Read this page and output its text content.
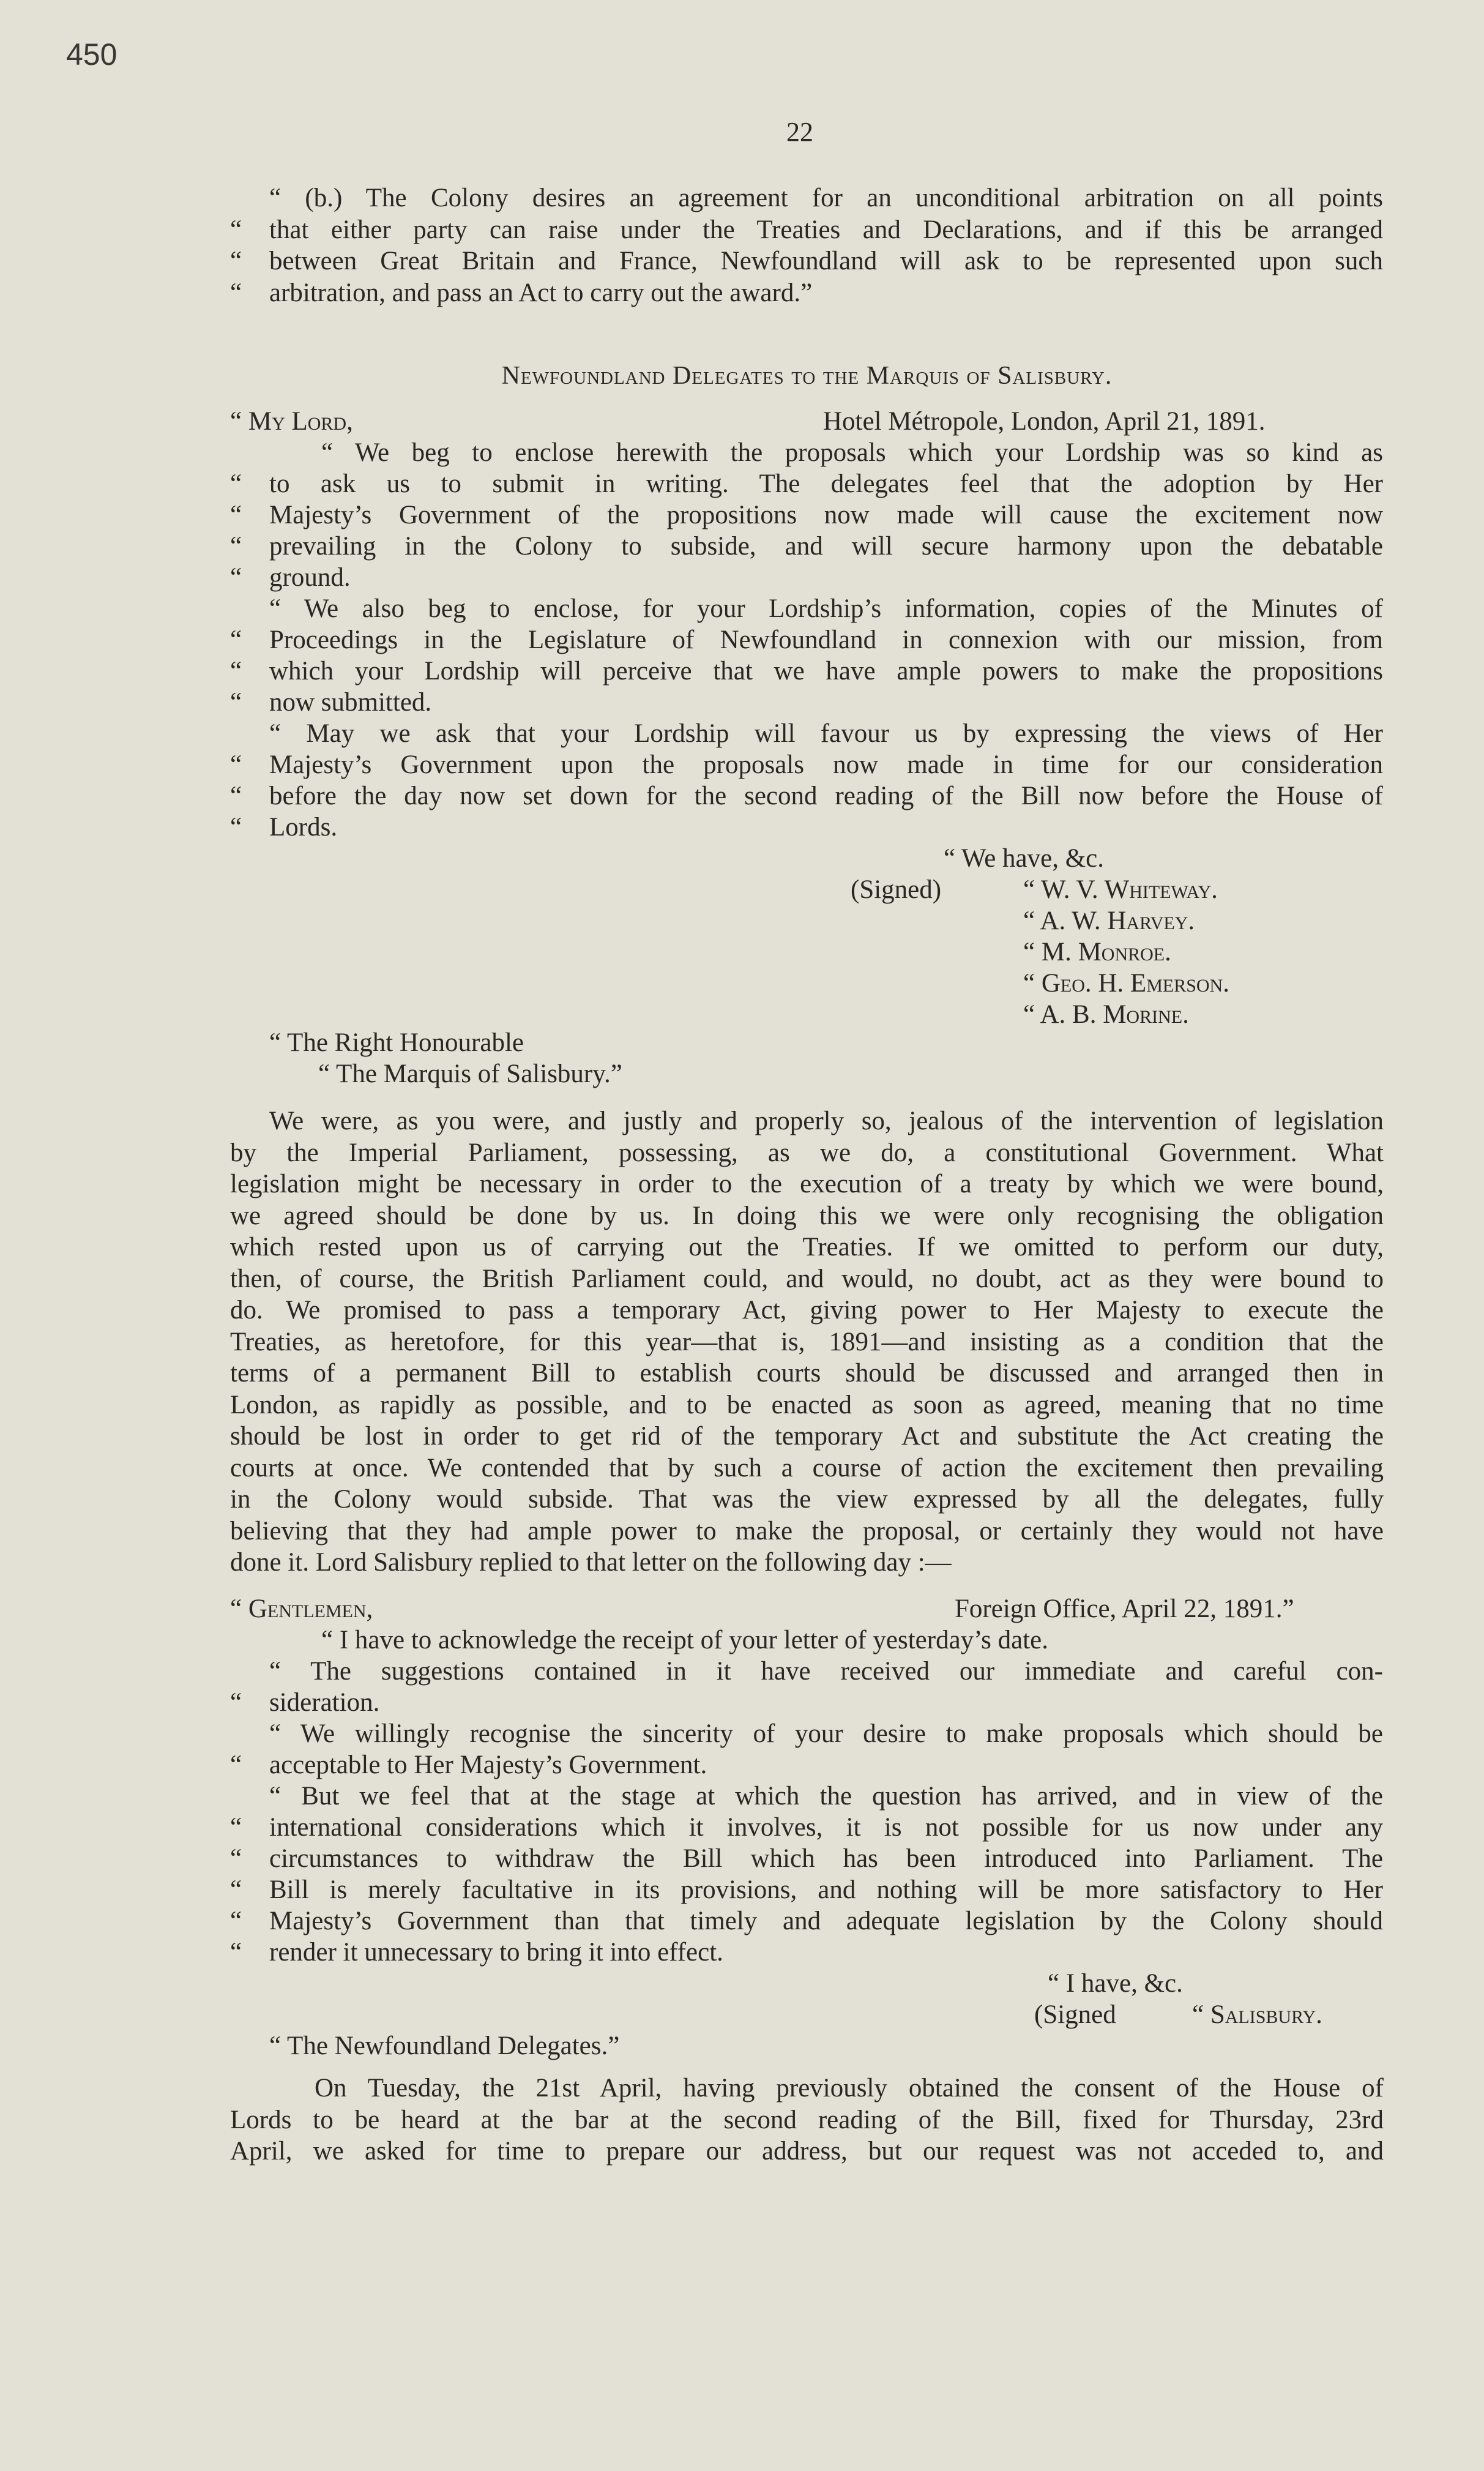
450
22
“ (b.) The Colony desires an agreement for an unconditional arbitration on all points
“ that either party can raise under the Treaties and Declarations, and if this be arranged
“ between Great Britain and France, Newfoundland will ask to be represented upon such
“ arbitration, and pass an Act to carry out the award.”
Newfoundland Delegates to the Marquis of Salisbury.
“ My Lord,	Hotel Métropole, London, April 21, 1891.
“ We beg to enclose herewith the proposals which your Lordship was so kind as
“ to ask us to submit in writing. The delegates feel that the adoption by Her
“ Majesty’s Government of the propositions now made will cause the excitement now
“ prevailing in the Colony to subside, and will secure harmony upon the debatable
“ ground.
“ We also beg to enclose, for your Lordship’s information, copies of the Minutes of
“ Proceedings in the Legislature of Newfoundland in connexion with our mission, from
“ which your Lordship will perceive that we have ample powers to make the propositions
“ now submitted.
“ May we ask that your Lordship will favour us by expressing the views of Her
“ Majesty’s Government upon the proposals now made in time for our consideration
“ before the day now set down for the second reading of the Bill now before the House of
“ Lords.
“ We have, &c.
(Signed)	“ W. V. Whiteway.
“ A. W. Harvey.
“ M. Monroe.
“ Geo. H. Emerson.
“ A. B. Morine.
“ The Right Honourable
“ The Marquis of Salisbury.”
We were, as you were, and justly and properly so, jealous of the intervention of legislation
by the Imperial Parliament, possessing, as we do, a constitutional Government. What
legislation might be necessary in order to the execution of a treaty by which we were bound,
we agreed should be done by us. In doing this we were only recognising the obligation
which rested upon us of carrying out the Treaties. If we omitted to perform our duty,
then, of course, the British Parliament could, and would, no doubt, act as they were bound to
do. We promised to pass a temporary Act, giving power to Her Majesty to execute the
Treaties, as heretofore, for this year—that is, 1891—and insisting as a condition that the
terms of a permanent Bill to establish courts should be discussed and arranged then in
London, as rapidly as possible, and to be enacted as soon as agreed, meaning that no time
should be lost in order to get rid of the temporary Act and substitute the Act creating the
courts at once. We contended that by such a course of action the excitement then prevailing
in the Colony would subside. That was the view expressed by all the delegates, fully
believing that they had ample power to make the proposal, or certainly they would not have
done it. Lord Salisbury replied to that letter on the following day :—
“ Gentlemen,	Foreign Office, April 22, 1891.”
“ I have to acknowledge the receipt of your letter of yesterday’s date.
“ The suggestions contained in it have received our immediate and careful con-
“ sideration.
“ We willingly recognise the sincerity of your desire to make proposals which should be
“ acceptable to Her Majesty’s Government.
“ But we feel that at the stage at which the question has arrived, and in view of the
“ international considerations which it involves, it is not possible for us now under any
“ circumstances to withdraw the Bill which has been introduced into Parliament. The
“ Bill is merely facultative in its provisions, and nothing will be more satisfactory to Her
“ Majesty’s Government than that timely and adequate legislation by the Colony should
“ render it unnecessary to bring it into effect.
“ I have, &c.
(Signed	“ Salisbury.
“ The Newfoundland Delegates.”
On Tuesday, the 21st April, having previously obtained the consent of the House of
Lords to be heard at the bar at the second reading of the Bill, fixed for Thursday, 23rd
April, we asked for time to prepare our address, but our request was not acceded to, and
